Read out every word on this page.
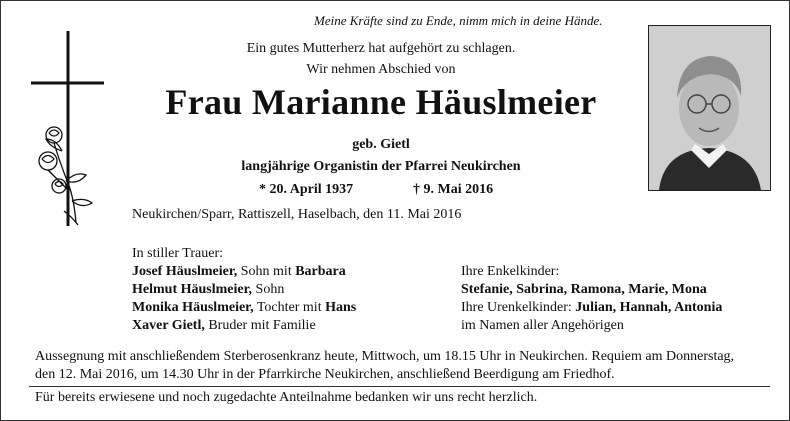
Meine Kräfte sind zu Ende, nimm mich in deine Hände.
Ein gutes Mutterherz hat aufgehört zu schlagen.
Wir nehmen Abschied von
Frau Marianne Häuslmeier
geb. Gietl
langjährige Organistin der Pfarrei Neukirchen
* 20. April 1937	† 9. Mai 2016
Neukirchen/Sparr, Rattiszell, Haselbach, den 11. Mai 2016
In stiller Trauer:
Josef Häuslmeier, Sohn mit Barbara
Helmut Häuslmeier, Sohn
Monika Häuslmeier, Tochter mit Hans
Xaver Gietl, Bruder mit Familie
Ihre Enkelkinder:
Stefanie, Sabrina, Ramona, Marie, Mona
Ihre Urenkelkinder: Julian, Hannah, Antonia
im Namen aller Angehörigen
Aussegnung mit anschließendem Sterberosenkranz heute, Mittwoch, um 18.15 Uhr in Neukirchen. Requiem am Donnerstag, den 12. Mai 2016, um 14.30 Uhr in der Pfarrkirche Neukirchen, anschließend Beerdigung am Friedhof.
Für bereits erwiesene und noch zugedachte Anteilnahme bedanken wir uns recht herzlich.
